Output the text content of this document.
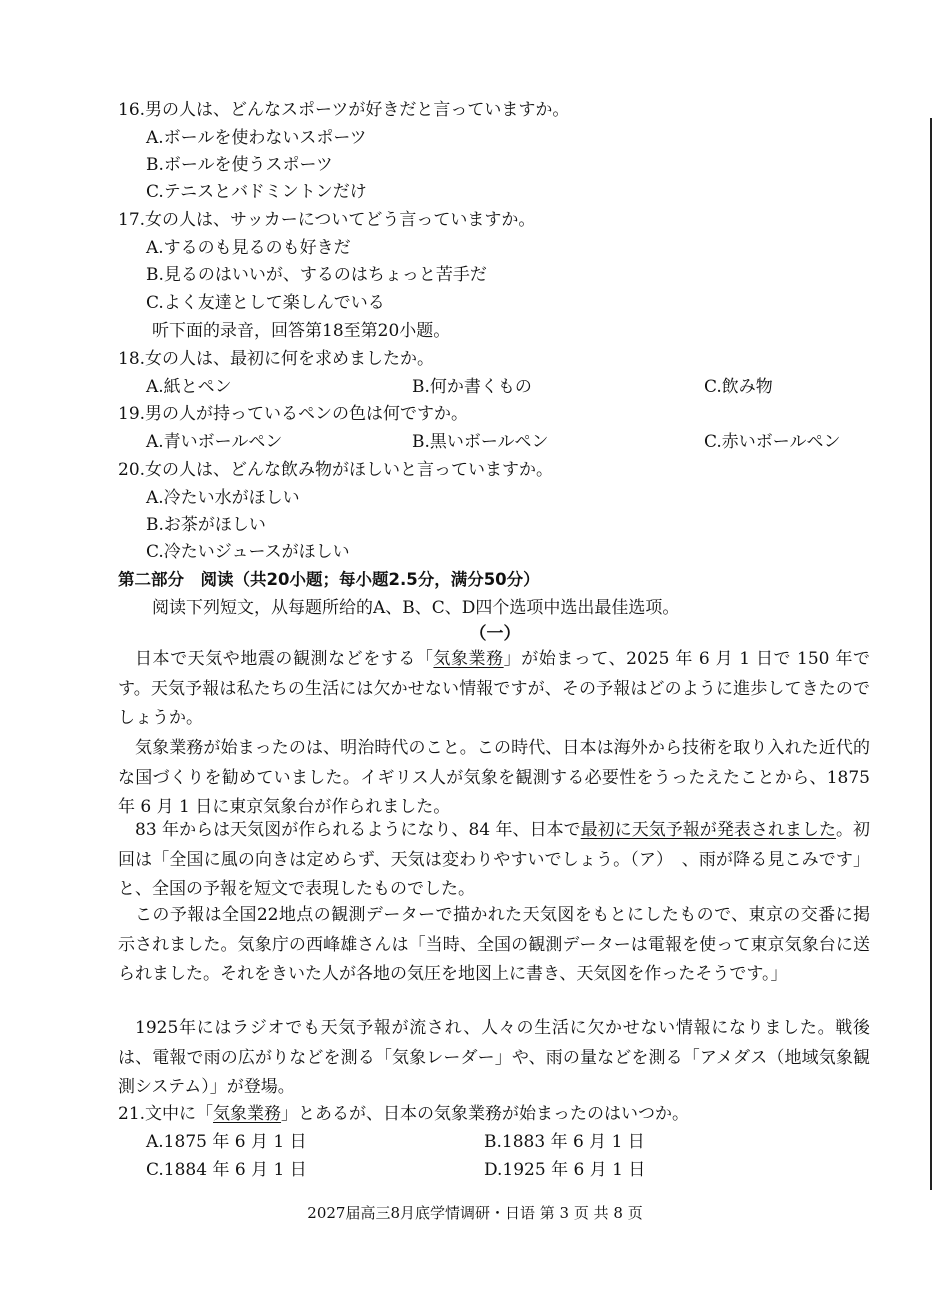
16.男の人は、どんなスポーツが好きだと言っていますか。
A.ボールを使わないスポーツ
B.ボールを使うスポーツ
C.テニスとバドミントンだけ
17.女の人は、サッカーについてどう言っていますか。
A.するのも見るのも好きだ
B.見るのはいいが、するのはちょっと苦手だ
C.よく友達として楽しんでいる
听下面的录音，回答第18至第20小题。
18.女の人は、最初に何を求めましたか。
A.紙とペン	B.何か書くもの	C.飲み物
19.男の人が持っているペンの色は何ですか。
A.青いボールペン	B.黒いボールペン	C.赤いボールペン
20.女の人は、どんな飲み物がほしいと言っていますか。
A.冷たい水がほしい
B.お茶がほしい
C.冷たいジュースがほしい
第二部分　阅读（共20小题；每小题2.5分，满分50分）
阅读下列短文，从每题所给的A、B、C、D四个选项中选出最佳选项。
（一）
日本で天気や地震の観測などをする「気象業務」が始まって、2025 年 6 月 1 日で 150 年です。天気予報は私たちの生活には欠かせない情報ですが、その予報はどのように進歩してきたのでしょうか。
気象業務が始まったのは、明治時代のこと。この時代、日本は海外から技術を取り入れた近代的な国づくりを勧めていました。イギリス人が気象を観測する必要性をうったえたことから、1875 年 6 月 1 日に東京気象台が作られました。
83 年からは天気図が作られるようになり、84 年、日本で最初に天気予報が発表されました。初回は「全国に風の向きは定めらず、天気は変わりやすいでしょう。（ア）　、雨が降る見こみです」と、全国の予報を短文で表現したものでした。
この予報は全国22地点の観測データーで描かれた天気図をもとにしたもので、東京の交番に掲示されました。気象庁の西峰雄さんは「当時、全国の観測データーは電報を使って東京気象台に送られました。それをきいた人が各地の気圧を地図上に書き、天気図を作ったそうです。」
1925年にはラジオでも天気予報が流され、人々の生活に欠かせない情報になりました。戦後は、電報で雨の広がりなどを測る「気象レーダー」や、雨の量などを測る「アメダス（地域気象観測システム）」が登場。
21.文中に「気象業務」とあるが、日本の気象業務が始まったのはいつか。
A.1875 年 6 月 1 日	B.1883 年 6 月 1 日
C.1884 年 6 月 1 日	D.1925 年 6 月 1 日
2027届高三8月底学情调研・日语 第 3 页 共 8 页
